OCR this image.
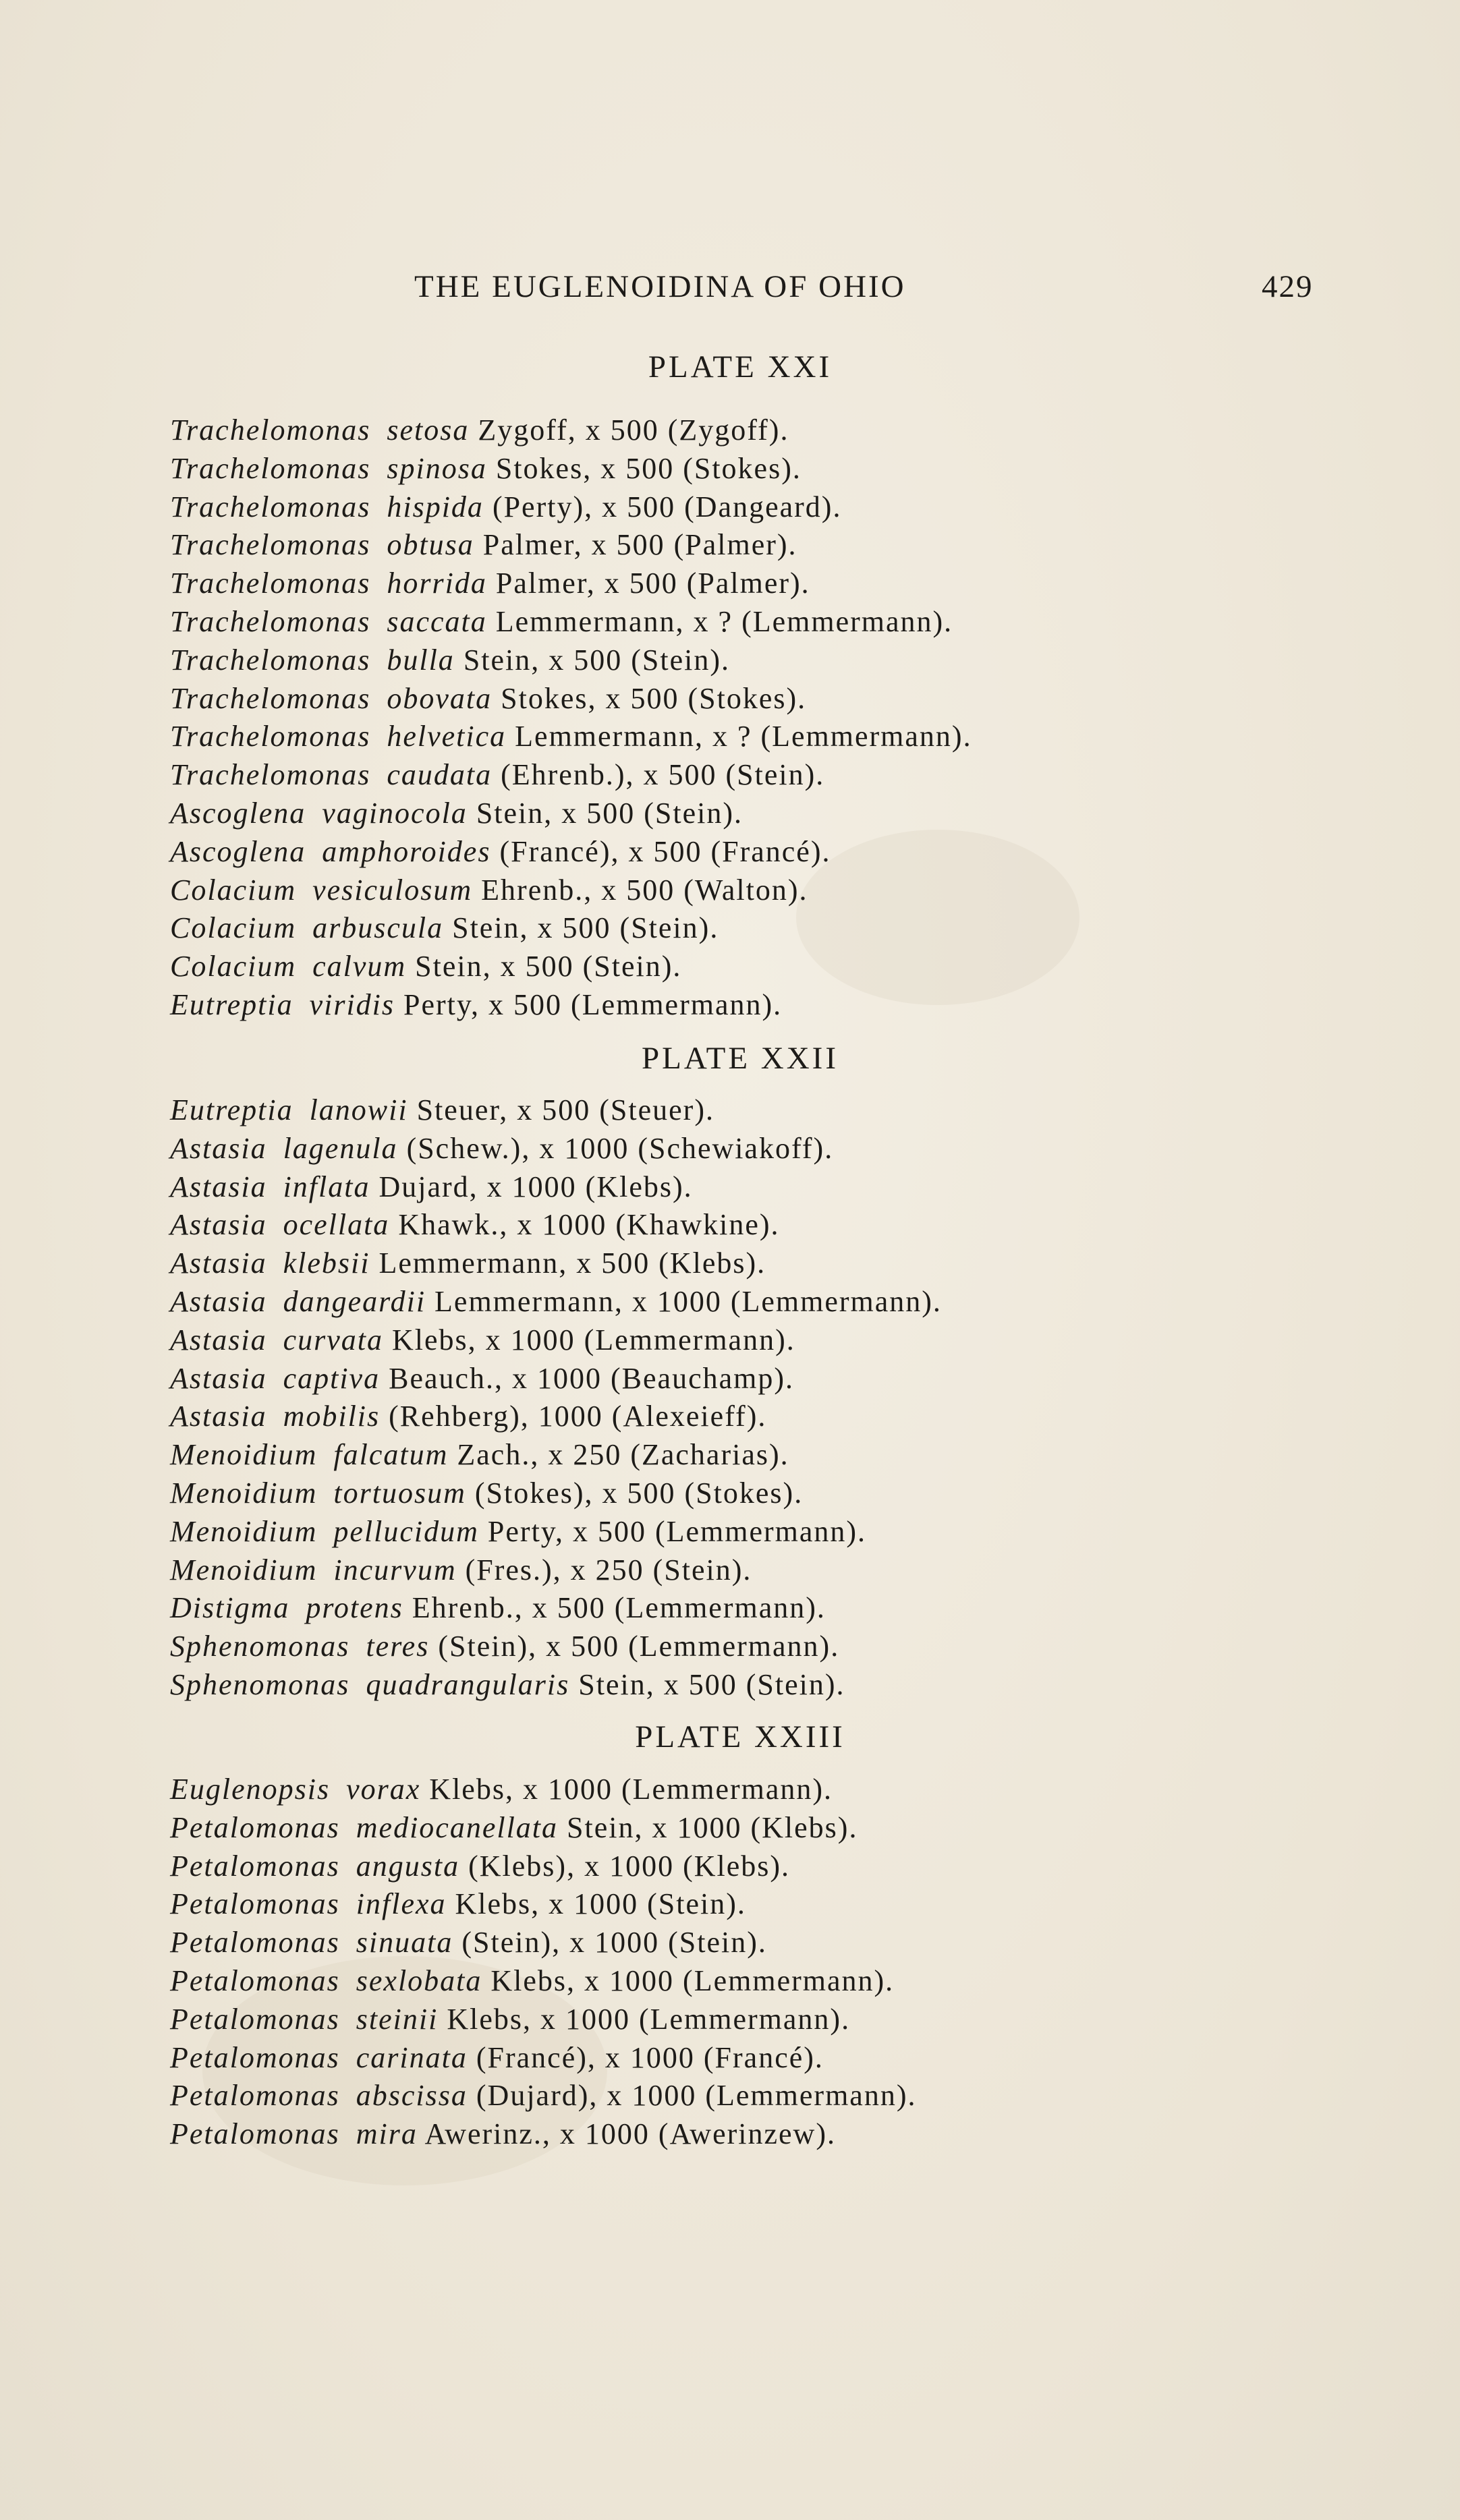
THE EUGLENOIDINA OF OHIO	429
PLATE XXI
Trachelomonas  setosa Zygoff, x 500 (Zygoff).
Trachelomonas  spinosa Stokes, x 500 (Stokes).
Trachelomonas  hispida (Perty), x 500 (Dangeard).
Trachelomonas  obtusa Palmer, x 500 (Palmer).
Trachelomonas  horrida Palmer, x 500 (Palmer).
Trachelomonas  saccata Lemmermann, x ? (Lemmermann).
Trachelomonas  bulla Stein, x 500 (Stein).
Trachelomonas  obovata Stokes, x 500 (Stokes).
Trachelomonas  helvetica Lemmermann, x ? (Lemmermann).
Trachelomonas  caudata (Ehrenb.), x 500 (Stein).
Ascoglena  vaginocola Stein, x 500 (Stein).
Ascoglena  amphoroides (Francé), x 500 (Francé).
Colacium  vesiculosum Ehrenb., x 500 (Walton).
Colacium  arbuscula Stein, x 500 (Stein).
Colacium  calvum Stein, x 500 (Stein).
Eutreptia  viridis Perty, x 500 (Lemmermann).
PLATE XXII
Eutreptia  lanowii Steuer, x 500 (Steuer).
Astasia  lagenula (Schew.), x 1000 (Schewiakoff).
Astasia  inflata Dujard, x 1000 (Klebs).
Astasia  ocellata Khawk., x 1000 (Khawkine).
Astasia  klebsii Lemmermann, x 500 (Klebs).
Astasia  dangeardii Lemmermann, x 1000 (Lemmermann).
Astasia  curvata Klebs, x 1000 (Lemmermann).
Astasia  captiva Beauch., x 1000 (Beauchamp).
Astasia  mobilis (Rehberg), 1000 (Alexeieff).
Menoidium  falcatum Zach., x 250 (Zacharias).
Menoidium  tortuosum (Stokes), x 500 (Stokes).
Menoidium  pellucidum Perty, x 500 (Lemmermann).
Menoidium  incurvum (Fres.), x 250 (Stein).
Distigma  protens Ehrenb., x 500 (Lemmermann).
Sphenomonas  teres (Stein), x 500 (Lemmermann).
Sphenomonas  quadrangularis Stein, x 500 (Stein).
PLATE XXIII
Euglenopsis  vorax Klebs, x 1000 (Lemmermann).
Petalomonas  mediocanellata Stein, x 1000 (Klebs).
Petalomonas  angusta (Klebs), x 1000 (Klebs).
Petalomonas  inflexa Klebs, x 1000 (Stein).
Petalomonas  sinuata (Stein), x 1000 (Stein).
Petalomonas  sexlobata Klebs, x 1000 (Lemmermann).
Petalomonas  steinii Klebs, x 1000 (Lemmermann).
Petalomonas  carinata (Francé), x 1000 (Francé).
Petalomonas  abscissa (Dujard), x 1000 (Lemmermann).
Petalomonas  mira Awerinz., x 1000 (Awerinzew).
